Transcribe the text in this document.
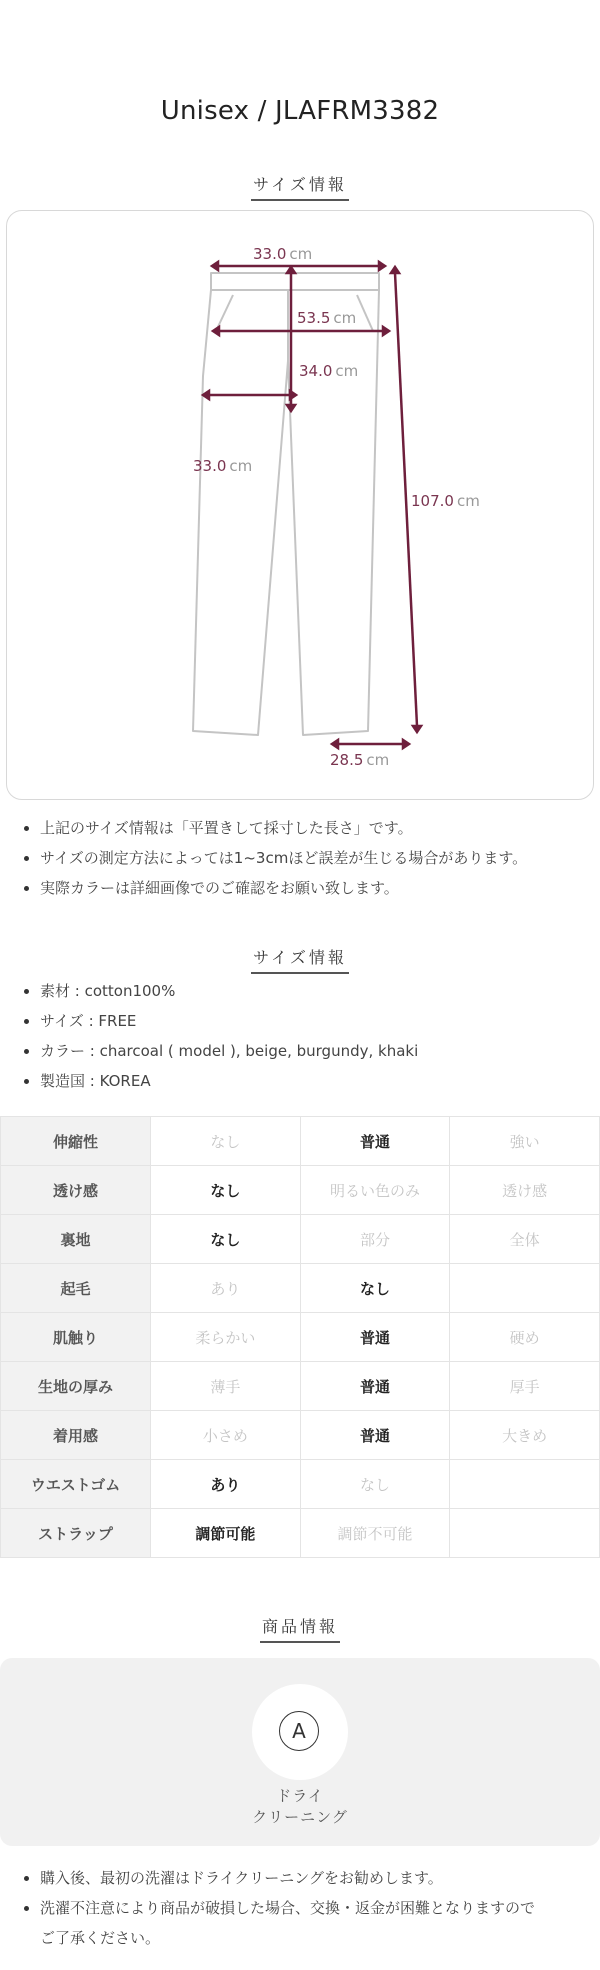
Unisex / JLAFRM3382
サイズ情報
33.0 cm
53.5 cm
34.0 cm
33.0 cm
107.0 cm
28.5 cm
上記のサイズ情報は「平置きして採寸した長さ」です。
サイズの測定方法によっては1~3cmほど誤差が生じる場合があります。
実際カラーは詳細画像でのご確認をお願い致します。
サイズ情報
素材 : cotton100%
サイズ : FREE
カラー : charcoal ( model ), beige, burgundy, khaki
製造国 : KOREA
伸縮性	なし	普通	強い
透け感	なし	明るい色のみ	透け感
裏地	なし	部分	全体
起毛	あり	なし	
肌触り	柔らかい	普通	硬め
生地の厚み	薄手	普通	厚手
着用感	小さめ	普通	大きめ
ウエストゴム	あり	なし	
ストラップ	調節可能	調節不可能	
商品情報
A
ドライ
クリーニング
購入後、最初の洗濯はドライクリーニングをお勧めします。
洗濯不注意により商品が破損した場合、交換・返金が困難となりますので
ご了承ください。
